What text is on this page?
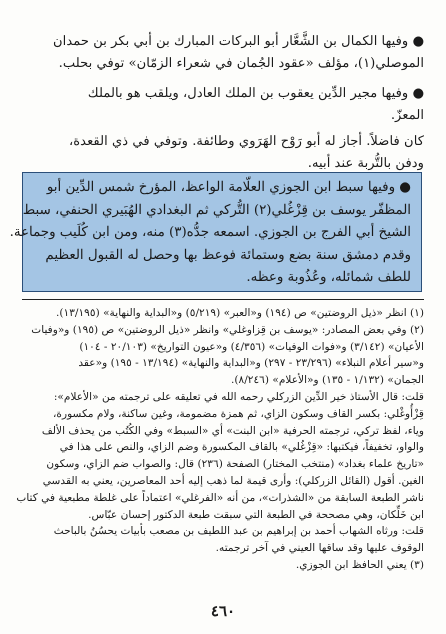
● وفيها الكمال بن الشَّعَّار أبو البركات المبارك بن أبي بكر بن حمدان
الموصلي(١)، مؤلف «عقود الجُمان في شعراء الزمّان» توفي بحلب.
● وفيها مجير الدِّين يعقوب بن الملك العادل، ويلقب هو بالملك
المعزّ.
كان فاضلاً. أجاز له أبو رَوْح الهَرَوي وطائفة. وتوفي في ذي القعدة،
ودفن بالتُّربة عند أبيه.
● وفيها سبط ابن الجوزي العلّامة الواعظ، المؤرخ شمس الدِّين أبو
المظفّر يوسف بن قِزْغُلي(٢) التُّركي ثم البغدادي الهُبَيري الحنفي، سبط
الشيخ أبي الفرج بن الجوزي. اسمعه جدُّه(٣) منه، ومن ابن كُلَيب وجماعة.
وقدم دمشق سنة بضع وستمائة فوعظ بها وحصل له القبول العظيم
للطف شمائله، وعُذُوبة وعظه.
(١) انظر «ذيل الروضتين» ص (١٩٤) و«العبر» (٥/٢١٩) و«البداية والنهاية» (١٣/١٩٥).
(٢) وفي بعض المصادر: «يوسف بن قِزاوغلي» وانظر «ذيل الروضتين» ص (١٩٥) و«وفيات
الأعيان» (٣/١٤٢) و«فوات الوفيات» (٤/٣٥٦) و«عيون التواريخ» (٢٠/١٠٣ - ١٠٤)
و«سير أعلام النبلاء» (٢٣/٢٩٦ - ٢٩٧) و«البداية والنهاية» (١٣/١٩٤ - ١٩٥) و«عقد
الجمان» (١/١٣٢ - ١٣٥) و«الأعلام» (٨/٢٤٦).
قلت: قال الأستاذ خير الدِّين الزركلي رحمه الله في تعليقه على ترجمته من «الأعلام»:
قِزْأُوغْلي: بكسر القاف وسكون الزاي، ثم همزة مضمومة، وغين ساكنة، ولام مكسورة،
وياء، لفظ تركي، ترجمته الحرفية «ابن البنت» أي «السبط» وفي الكُتُب من يحذف الألف
والواو، تخفيفاً، فيكتبها: «قِزْغُلي» بالقاف المكسورة وضم الزاي، والنص على هذا في
«تاريخ علماء بغداد» (منتخب المختار) الصفحة (٢٣٦) قال: والصواب ضم الزاي، وسكون
الغين. أقول (القائل الزركلي): وأرى قيمة لما ذهب إليه أحد المعاصرين، يعني به القدسي
ناشر الطبعة السابقة من «الشذرات»، من أنه «الفرغلي» اعتماداً على غلطة مطبعية في كتاب
ابن خَلِّكان، وهي مصححة في الطبعة التي سبقت طبعة الدكتور إحسان عبّاس.
قلت: ورثاه الشهاب أحمد بن إبراهيم بن عبد اللطيف بن مصعب بأبيات يحسُنُ بالباحث
الوقوف عليها وقد ساقها العيني في آخر ترجمته.
(٣) يعني الحافظ ابن الجوزي.
٤٦٠
